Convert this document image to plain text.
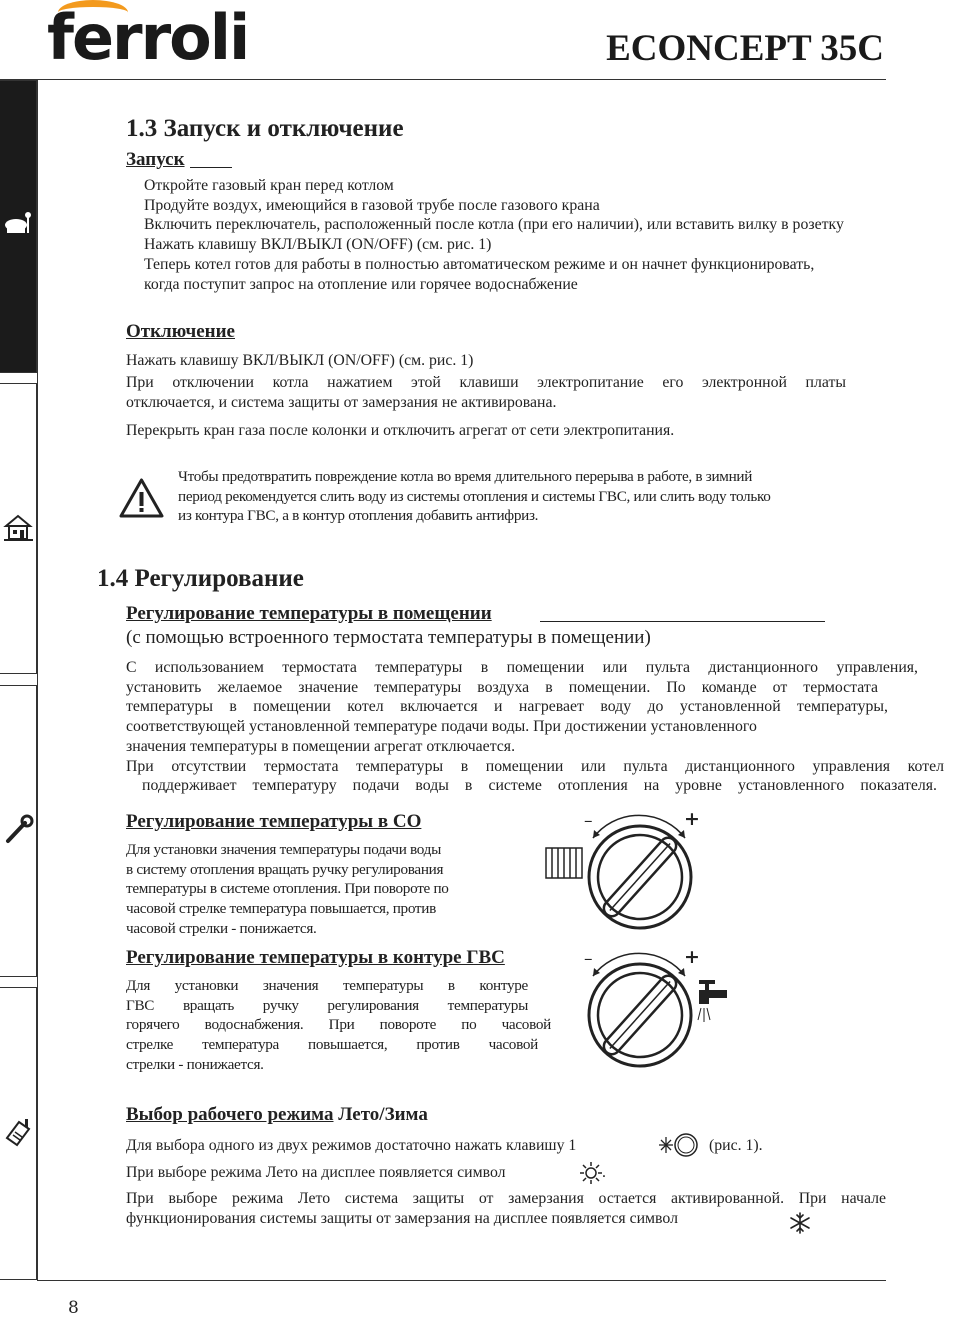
ferroli	ECONCEPT 35C
1.3 Запуск и отключение
Запуск
Откройте газовый кран перед котлом
Продуйте воздух, имеющийся в газовой трубе после газового крана
Включить переключатель, расположенный после котла (при его наличии), или вставить вилку в розетку
Нажать клавишу ВКЛ/ВЫКЛ (ON/OFF) (см. рис. 1)
Теперь котел готов для работы в полностью автоматическом режиме и он начнет функционировать,
когда поступит запрос на отопление или горячее водоснабжение
Отключение
Нажать клавишу ВКЛ/ВЫКЛ (ON/OFF) (см. рис. 1)
При отключении котла нажатием этой клавиши электропитание его электронной платы
отключается, и система защиты от замерзания не активирована.
Перекрыть кран газа после колонки и отключить агрегат от сети электропитания.
Чтобы предотвратить повреждение котла во время длительного перерыва в работе, в зимний
период рекомендуется слить воду из системы отопления и системы ГВС, или слить воду только
из контура ГВС, а в контур отопления добавить антифриз.
1.4 Регулирование
Регулирование температуры в помещении
(с помощью встроенного термостата температуры в помещении)
С использованием термостата температуры в помещении или пульта дистанционного управления,
установить желаемое значение температуры воздуха в помещении. По команде от термостата
температуры в помещении котел включается и нагревает воду до установленной температуры,
соответствующей установленной температуре подачи воды. При достижении установленного
значения температуры в помещении агрегат отключается.
При отсутствии термостата температуры в помещении или пульта дистанционного управления котел
поддерживает температуру подачи воды в системе отопления на уровне установленного показателя.
Регулирование температуры в СО
Для установки значения температуры подачи воды
в систему отопления вращать ручку регулирования
температуры в системе отопления. При повороте по
часовой стрелке температура повышается, против
часовой стрелки - понижается.
–	+
Регулирование температуры в контуре ГВС
Для установки значения температуры в контуре
ГВС вращать ручку регулирования температуры
горячего водоснабжения. При повороте по часовой
стрелке температура повышается, против часовой
стрелки - понижается.
–	+
Выбор рабочего режима Лето/Зима
Для выбора одного из двух режимов достаточно нажать клавишу 1	(рис. 1).
При выборе режима Лето на дисплее появляется символ	.
При выборе режима Лето система защиты от замерзания остается активированной. При начале
функционирования системы защиты от замерзания на дисплее появляется символ
8
